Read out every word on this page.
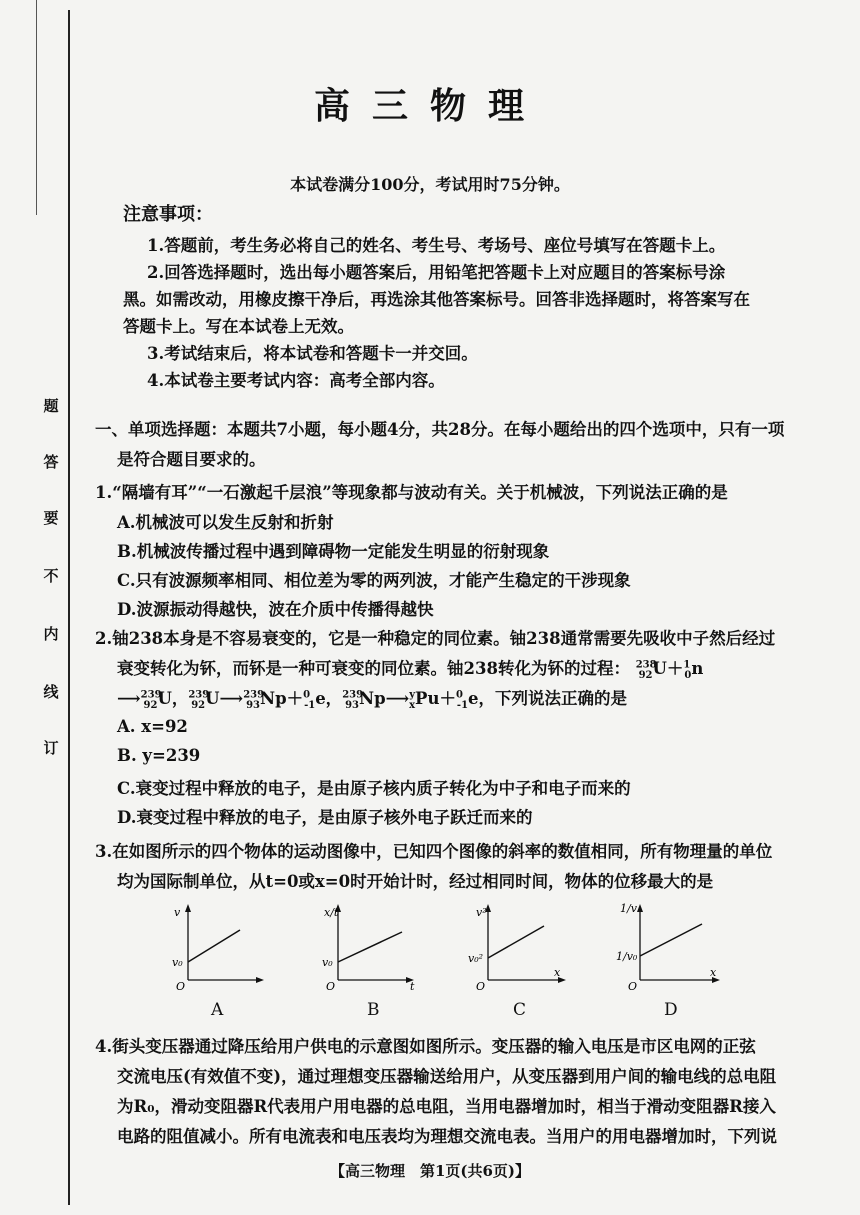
题
答
要
不
内
线
订
高三物理
本试卷满分100分，考试用时75分钟。
注意事项：
1.答题前，考生务必将自己的姓名、考生号、考场号、座位号填写在答题卡上。
2.回答选择题时，选出每小题答案后，用铅笔把答题卡上对应题目的答案标号涂
黑。如需改动，用橡皮擦干净后，再选涂其他答案标号。回答非选择题时，将答案写在
答题卡上。写在本试卷上无效。
3.考试结束后，将本试卷和答题卡一并交回。
4.本试卷主要考试内容：高考全部内容。
一、单项选择题：本题共7小题，每小题4分，共28分。在每小题给出的四个选项中，只有一项
是符合题目要求的。
1.“隔墙有耳”“一石激起千层浪”等现象都与波动有关。关于机械波，下列说法正确的是
A.机械波可以发生反射和折射
B.机械波传播过程中遇到障碍物一定能发生明显的衍射现象
C.只有波源频率相同、相位差为零的两列波，才能产生稳定的干涉现象
D.波源振动得越快，波在介质中传播得越快
2.铀238本身是不容易衰变的，它是一种稳定的同位素。铀238通常需要先吸收中子然后经过
衰变转化为钚，而钚是一种可衰变的同位素。铀238转化为钚的过程： $^{238}_{92}$U＋$^1_0$n
⟶$^{239}_{92}$U，$^{239}_{92}$U⟶$^{239}_{93}$Np＋$^0_{-1}$e，$^{239}_{93}$Np⟶$^y_x$Pu＋$^0_{-1}$e，下列说法正确的是
A. x=92
B. y=239
C.衰变过程中释放的电子，是由原子核内质子转化为中子和电子而来的
D.衰变过程中释放的电子，是由原子核外电子跃迁而来的
3.在如图所示的四个物体的运动图像中，已知四个图像的斜率的数值相同，所有物理量的单位
均为国际制单位，从t=0或x=0时开始计时，经过相同时间，物体的位移最大的是
v
v₀
O
A
x/t
v₀
O	t
B
v²
v₀²
O
x
C
1/v
1/v₀
O
x
D
4.街头变压器通过降压给用户供电的示意图如图所示。变压器的输入电压是市区电网的正弦
交流电压(有效值不变)，通过理想变压器输送给用户，从变压器到用户间的输电线的总电阻
为R₀，滑动变阻器R代表用户用电器的总电阻，当用电器增加时，相当于滑动变阻器R接入
电路的阻值减小。所有电流表和电压表均为理想交流电表。当用户的用电器增加时，下列说
【高三物理　第1页(共6页)】
